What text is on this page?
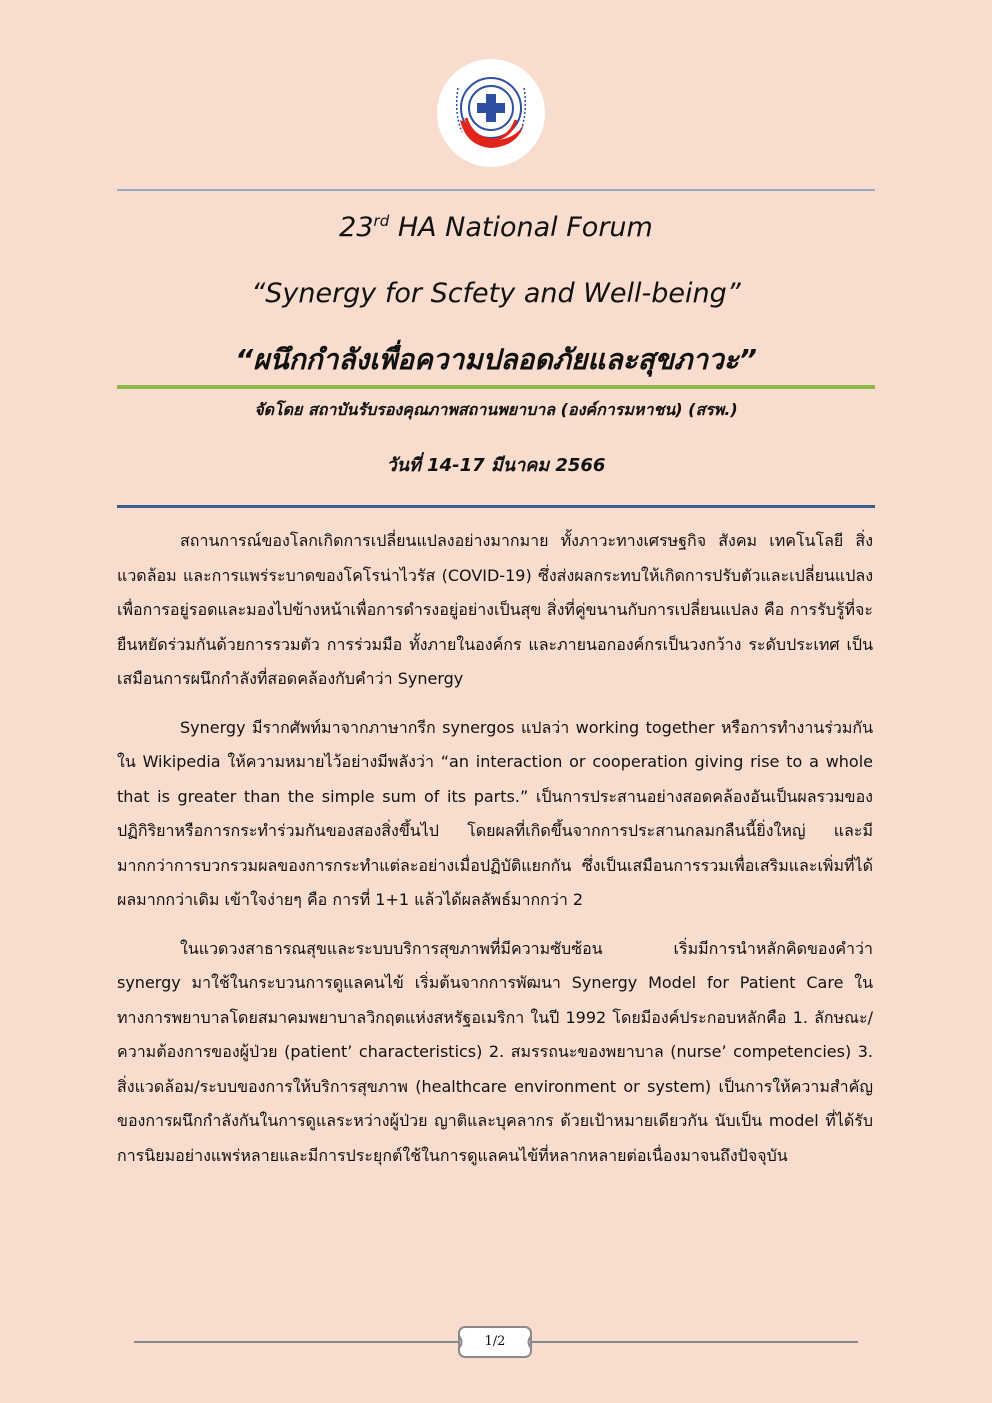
23rd HA National Forum
“Synergy for Scfety and Well-being”
“ผนึกกำลังเพื่อความปลอดภัยและสุขภาวะ”
จัดโดย สถาบันรับรองคุณภาพสถานพยาบาล (องค์การมหาชน) (สรพ.)
วันที่ 14-17 มีนาคม 2566

สถานการณ์ของโลกเกิดการเปลี่ยนแปลงอย่างมากมาย ทั้งภาวะทางเศรษฐกิจ สังคม เทคโนโลยี สิ่งแวดล้อม และการแพร่ระบาดของโคโรน่าไวรัส (COVID-19) ซึ่งส่งผลกระทบให้เกิดการปรับตัวและเปลี่ยนแปลงเพื่อการอยู่รอดและมองไปข้างหน้าเพื่อการดำรงอยู่อย่างเป็นสุข สิ่งที่คู่ขนานกับการเปลี่ยนแปลง คือ การรับรู้ที่จะยืนหยัดร่วมกันด้วยการรวมตัว การร่วมมือ ทั้งภายในองค์กร และภายนอกองค์กรเป็นวงกว้าง ระดับประเทศ เป็นเสมือนการผนึกกำลังที่สอดคล้องกับคำว่า Synergy

Synergy มีรากศัพท์มาจากภาษากรีก synergos แปลว่า working together หรือการทำงานร่วมกัน ใน Wikipedia ให้ความหมายไว้อย่างมีพลังว่า “an interaction or cooperation giving rise to a whole that is greater than the simple sum of its parts.” เป็นการประสานอย่างสอดคล้องอันเป็นผลรวมของปฏิกิริยาหรือการกระทำร่วมกันของสองสิ่งขึ้นไป โดยผลที่เกิดขึ้นจากการประสานกลมกลืนนี้ยิ่งใหญ่ และมีมากกว่าการบวกรวมผลของการกระทำแต่ละอย่างเมื่อปฏิบัติแยกกัน ซึ่งเป็นเสมือนการรวมเพื่อเสริมและเพิ่มที่ได้ผลมากกว่าเดิม เข้าใจง่ายๆ คือ การที่ 1+1 แล้วได้ผลลัพธ์มากกว่า 2

ในแวดวงสาธารณสุขและระบบบริการสุขภาพที่มีความซับซ้อน เริ่มมีการนำหลักคิดของคำว่า synergy มาใช้ในกระบวนการดูแลคนไข้ เริ่มต้นจากการพัฒนา Synergy Model for Patient Care ในทางการพยาบาลโดยสมาคมพยาบาลวิกฤตแห่งสหรัฐอเมริกา ในปี 1992 โดยมีองค์ประกอบหลักคือ 1. ลักษณะ/ความต้องการของผู้ป่วย (patient’ characteristics) 2. สมรรถนะของพยาบาล (nurse’ competencies) 3. สิ่งแวดล้อม/ระบบของการให้บริการสุขภาพ (healthcare environment or system) เป็นการให้ความสำคัญของการผนึกกำลังกันในการดูแลระหว่างผู้ป่วย ญาติและบุคลากร ด้วยเป้าหมายเดียวกัน นับเป็น model ที่ได้รับการนิยมอย่างแพร่หลายและมีการประยุกต์ใช้ในการดูแลคนไข้ที่หลากหลายต่อเนื่องมาจนถึงปัจจุบัน

1/2
